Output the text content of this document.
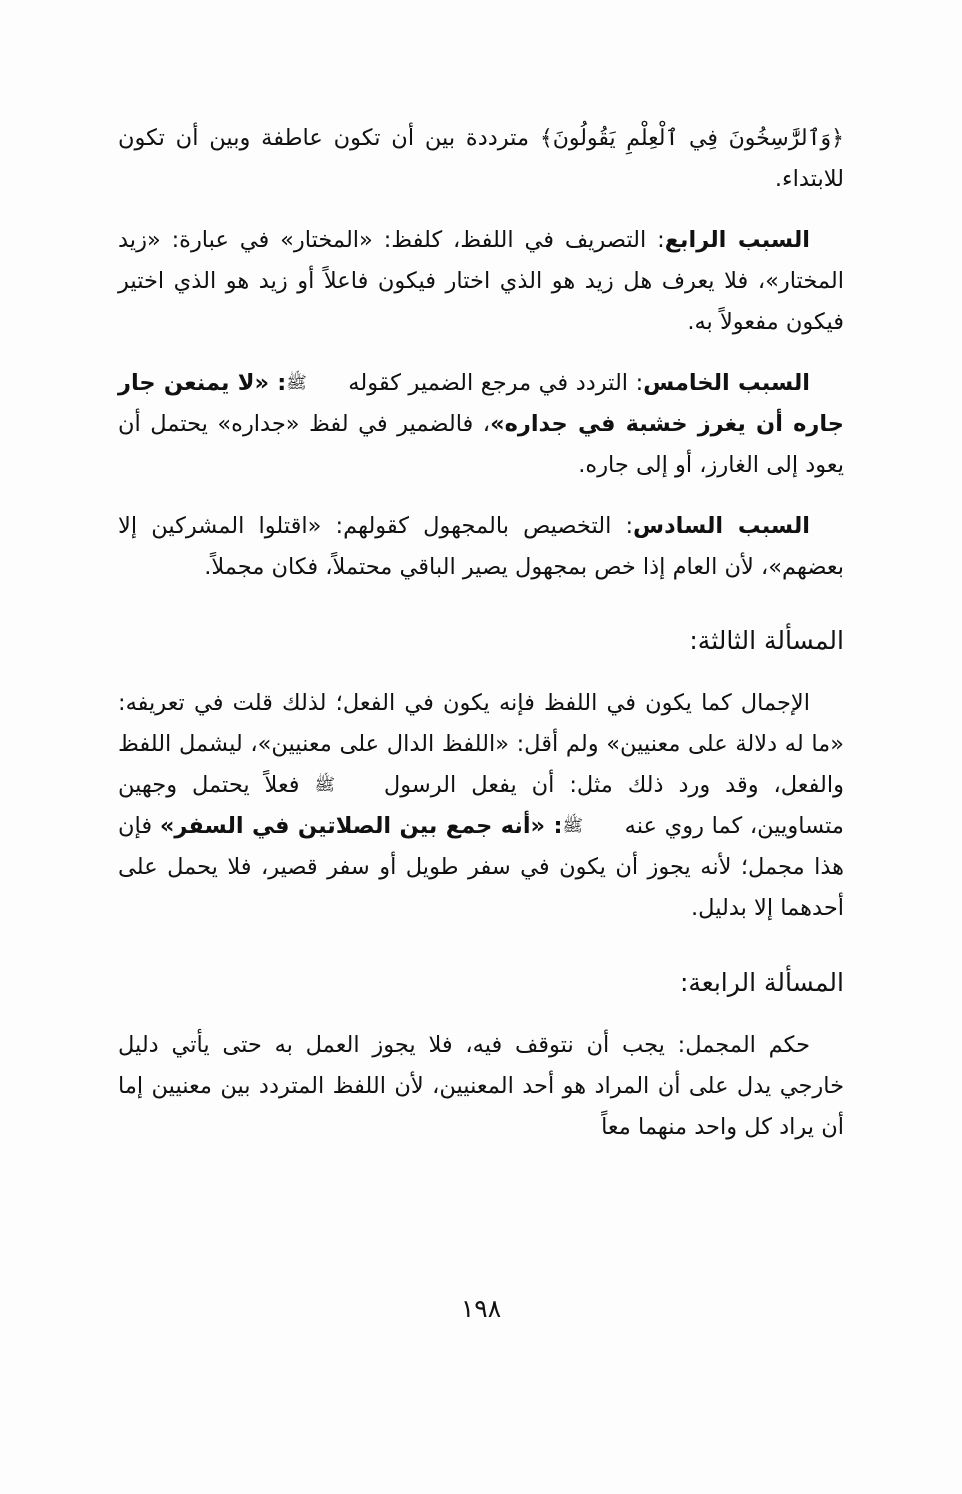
﴿وَٱلرَّٰسِخُونَ فِي ٱلْعِلْمِ يَقُولُونَ﴾ مترددة بين أن تكون عاطفة وبين أن تكون للابتداء.

السبب الرابع: التصريف في اللفظ، كلفظ: «المختار» في عبارة: «زيد المختار»، فلا يعرف هل زيد هو الذي اختار فيكون فاعلاً أو زيد هو الذي اختير فيكون مفعولاً به.

السبب الخامس: التردد في مرجع الضمير كقوله ﷺ: «لا يمنعن جار جاره أن يغرز خشبة في جداره»، فالضمير في لفظ «جداره» يحتمل أن يعود إلى الغارز، أو إلى جاره.

السبب السادس: التخصيص بالمجهول كقولهم: «اقتلوا المشركين إلا بعضهم»، لأن العام إذا خص بمجهول يصير الباقي محتملاً، فكان مجملاً.

المسألة الثالثة:

الإجمال كما يكون في اللفظ فإنه يكون في الفعل؛ لذلك قلت في تعريفه: «ما له دلالة على معنيين» ولم أقل: «اللفظ الدال على معنيين»، ليشمل اللفظ والفعل، وقد ورد ذلك مثل: أن يفعل الرسول ﷺ فعلاً يحتمل وجهين متساويين، كما روي عنه ﷺ: «أنه جمع بين الصلاتين في السفر» فإن هذا مجمل؛ لأنه يجوز أن يكون في سفر طويل أو سفر قصير، فلا يحمل على أحدهما إلا بدليل.

المسألة الرابعة:

حكم المجمل: يجب أن نتوقف فيه، فلا يجوز العمل به حتى يأتي دليل خارجي يدل على أن المراد هو أحد المعنيين، لأن اللفظ المتردد بين معنيين إما أن يراد كل واحد منهما معاً

١٩٨
